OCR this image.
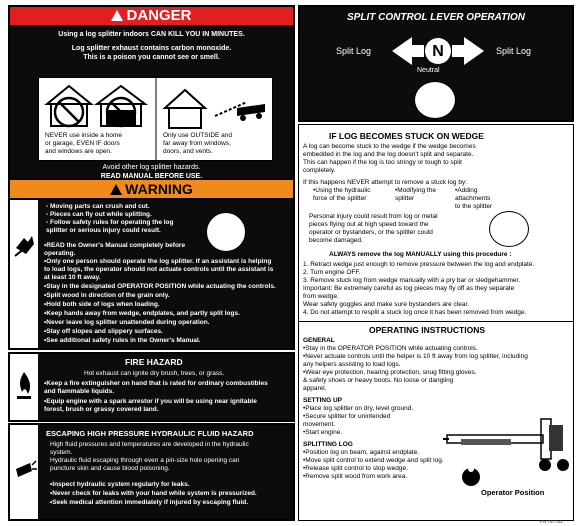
DANGER
Using a log splitter indoors CAN KILL YOU IN MINUTES.
Log splitter exhaust contains carbon monoxide.
This is a poison you cannot see or smell.
NEVER use inside a home
or garage, EVEN IF doors
and windows are open.
Only use OUTSIDE and
far away from windows,
doors, and vents.
Avoid other log splitter hazards.
READ MANUAL BEFORE USE.
WARNING
- Moving parts can crush and cut.
- Pieces can fly out while splitting.
- Follow safety rules for operating the log
splitter or serious injury could result.
•READ the Owner's Manual completely before
operating.
•Only one person should operate the log splitter. If an assistant is helping
to load logs, the operator should not actuate controls until the assistant is
at least 10 ft away.
•Stay in the designated OPERATOR POSITION while actuating the controls.
•Split wood in direction of the grain only.
•Hold both side of logs when loading.
•Keep hands away from wedge, endplates, and partly split logs.
•Never leave log splitter unattended during operation.
•Stay off slopes and slippery surfaces.
•See additional safety rules in the Owner's Manual.
FIRE HAZARD
Hot exhaust can ignite dry brush, trees, or grass.
•Keep a fire extinguisher on hand that is rated for ordinary combustibles
and flammable liquids.
•Equip engine with a spark arrestor if you will be using near ignitable
forest, brush or grassy covered land.
ESCAPING HIGH PRESSURE HYDRAULIC FLUID HAZARD
High fluid pressures and temperatures are developed in the hydraulic
system.
Hydraulic fluid escaping through even a pin-size hole opening can
puncture skin and cause blood poisoning.
•Inspect hydraulic system regularly for leaks.
•Never check for leaks with your hand while system is pressurized.
•Seek medical attention immediately if injured by escaping fluid.
SPLIT CONTROL LEVER OPERATION
Split Log	Split Log
N
Neutral
IF LOG BECOMES STUCK ON WEDGE
A log can become stuck to the wedge if the wedge becomes
embedded in the log and the log doesn't split and separate.
This can happen if the log is too stringy or tough to split
completely.
If this happens NEVER attempt to remove a stuck log by:
•Using the hydraulic
force of the splitter
•Modifying the
splitter
•Adding
attachments
to the splitter
Personal injury could result from log or metal
pieces flying out at high speed toward the
operator or bystanders, or the splitter could
become damaged.
ALWAYS remove the log MANUALLY using this procedure :
1. Retract wedge just enough to remove pressure between the log and endplate.
2. Turn engine OFF.
3. Remove stuck log from wedge manually with a pry bar or sledgehammer.
Important: Be extremely careful as log pieces may fly off as they separate
from wedge.
Wear safety goggles and make sure bystanders are clear.
4. Do not attempt to resplit a stuck log once it has been removed from wedge.
OPERATING INSTRUCTIONS
GENERAL
•Stay in the OPERATOR POSITION while actuating controls.
•Never actuate controls until the helper is 10 ft away from log splitter, including
any helpers assisting to load logs.
•Wear eye protection, hearing protection, snug fitting gloves,
& safety shoes or heavy boots. No loose or dangling
apparel.
SETTING UP
•Place log splitter on dry, level ground.
•Secure splitter for unintended
movement.
•Start engine.
SPLITTING LOG
•Position log on beam, against endplate.
•Move split control to extend wedge and split log.
•Release split control to stop wedge.
•Remove split wood from work area.
Operator Position
PN 787753
